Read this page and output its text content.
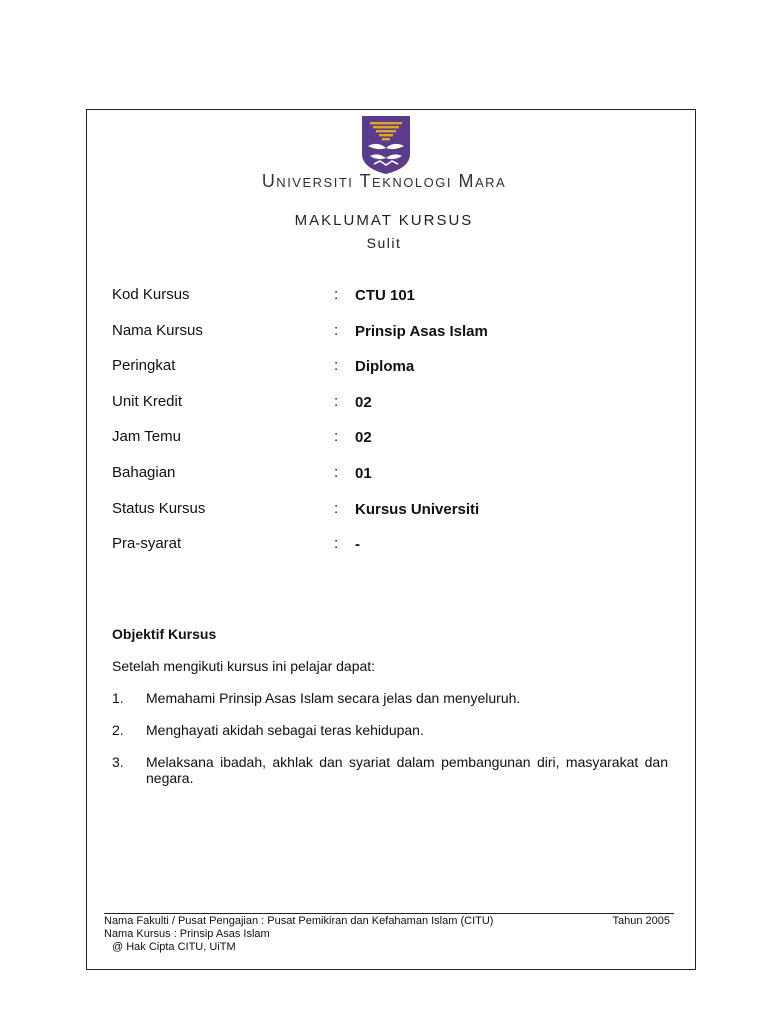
Universiti Teknologi Mara
MAKLUMAT KURSUS
Sulit
Kod Kursus	: CTU 101
Nama Kursus	: Prinsip Asas Islam
Peringkat	: Diploma
Unit Kredit	: 02
Jam Temu	: 02
Bahagian	: 01
Status Kursus	: Kursus Universiti
Pra-syarat	: -
Objektif Kursus
Setelah mengikuti kursus ini pelajar dapat:
1. Memahami Prinsip Asas Islam secara jelas dan menyeluruh.
2. Menghayati akidah sebagai teras kehidupan.
3. Melaksana ibadah, akhlak dan syariat dalam pembangunan diri, masyarakat dan negara.
Nama Fakulti / Pusat Pengajian : Pusat Pemikiran dan Kefahaman Islam (CITU)	Tahun 2005
Nama Kursus : Prinsip Asas Islam
@ Hak Cipta CITU, UiTM
